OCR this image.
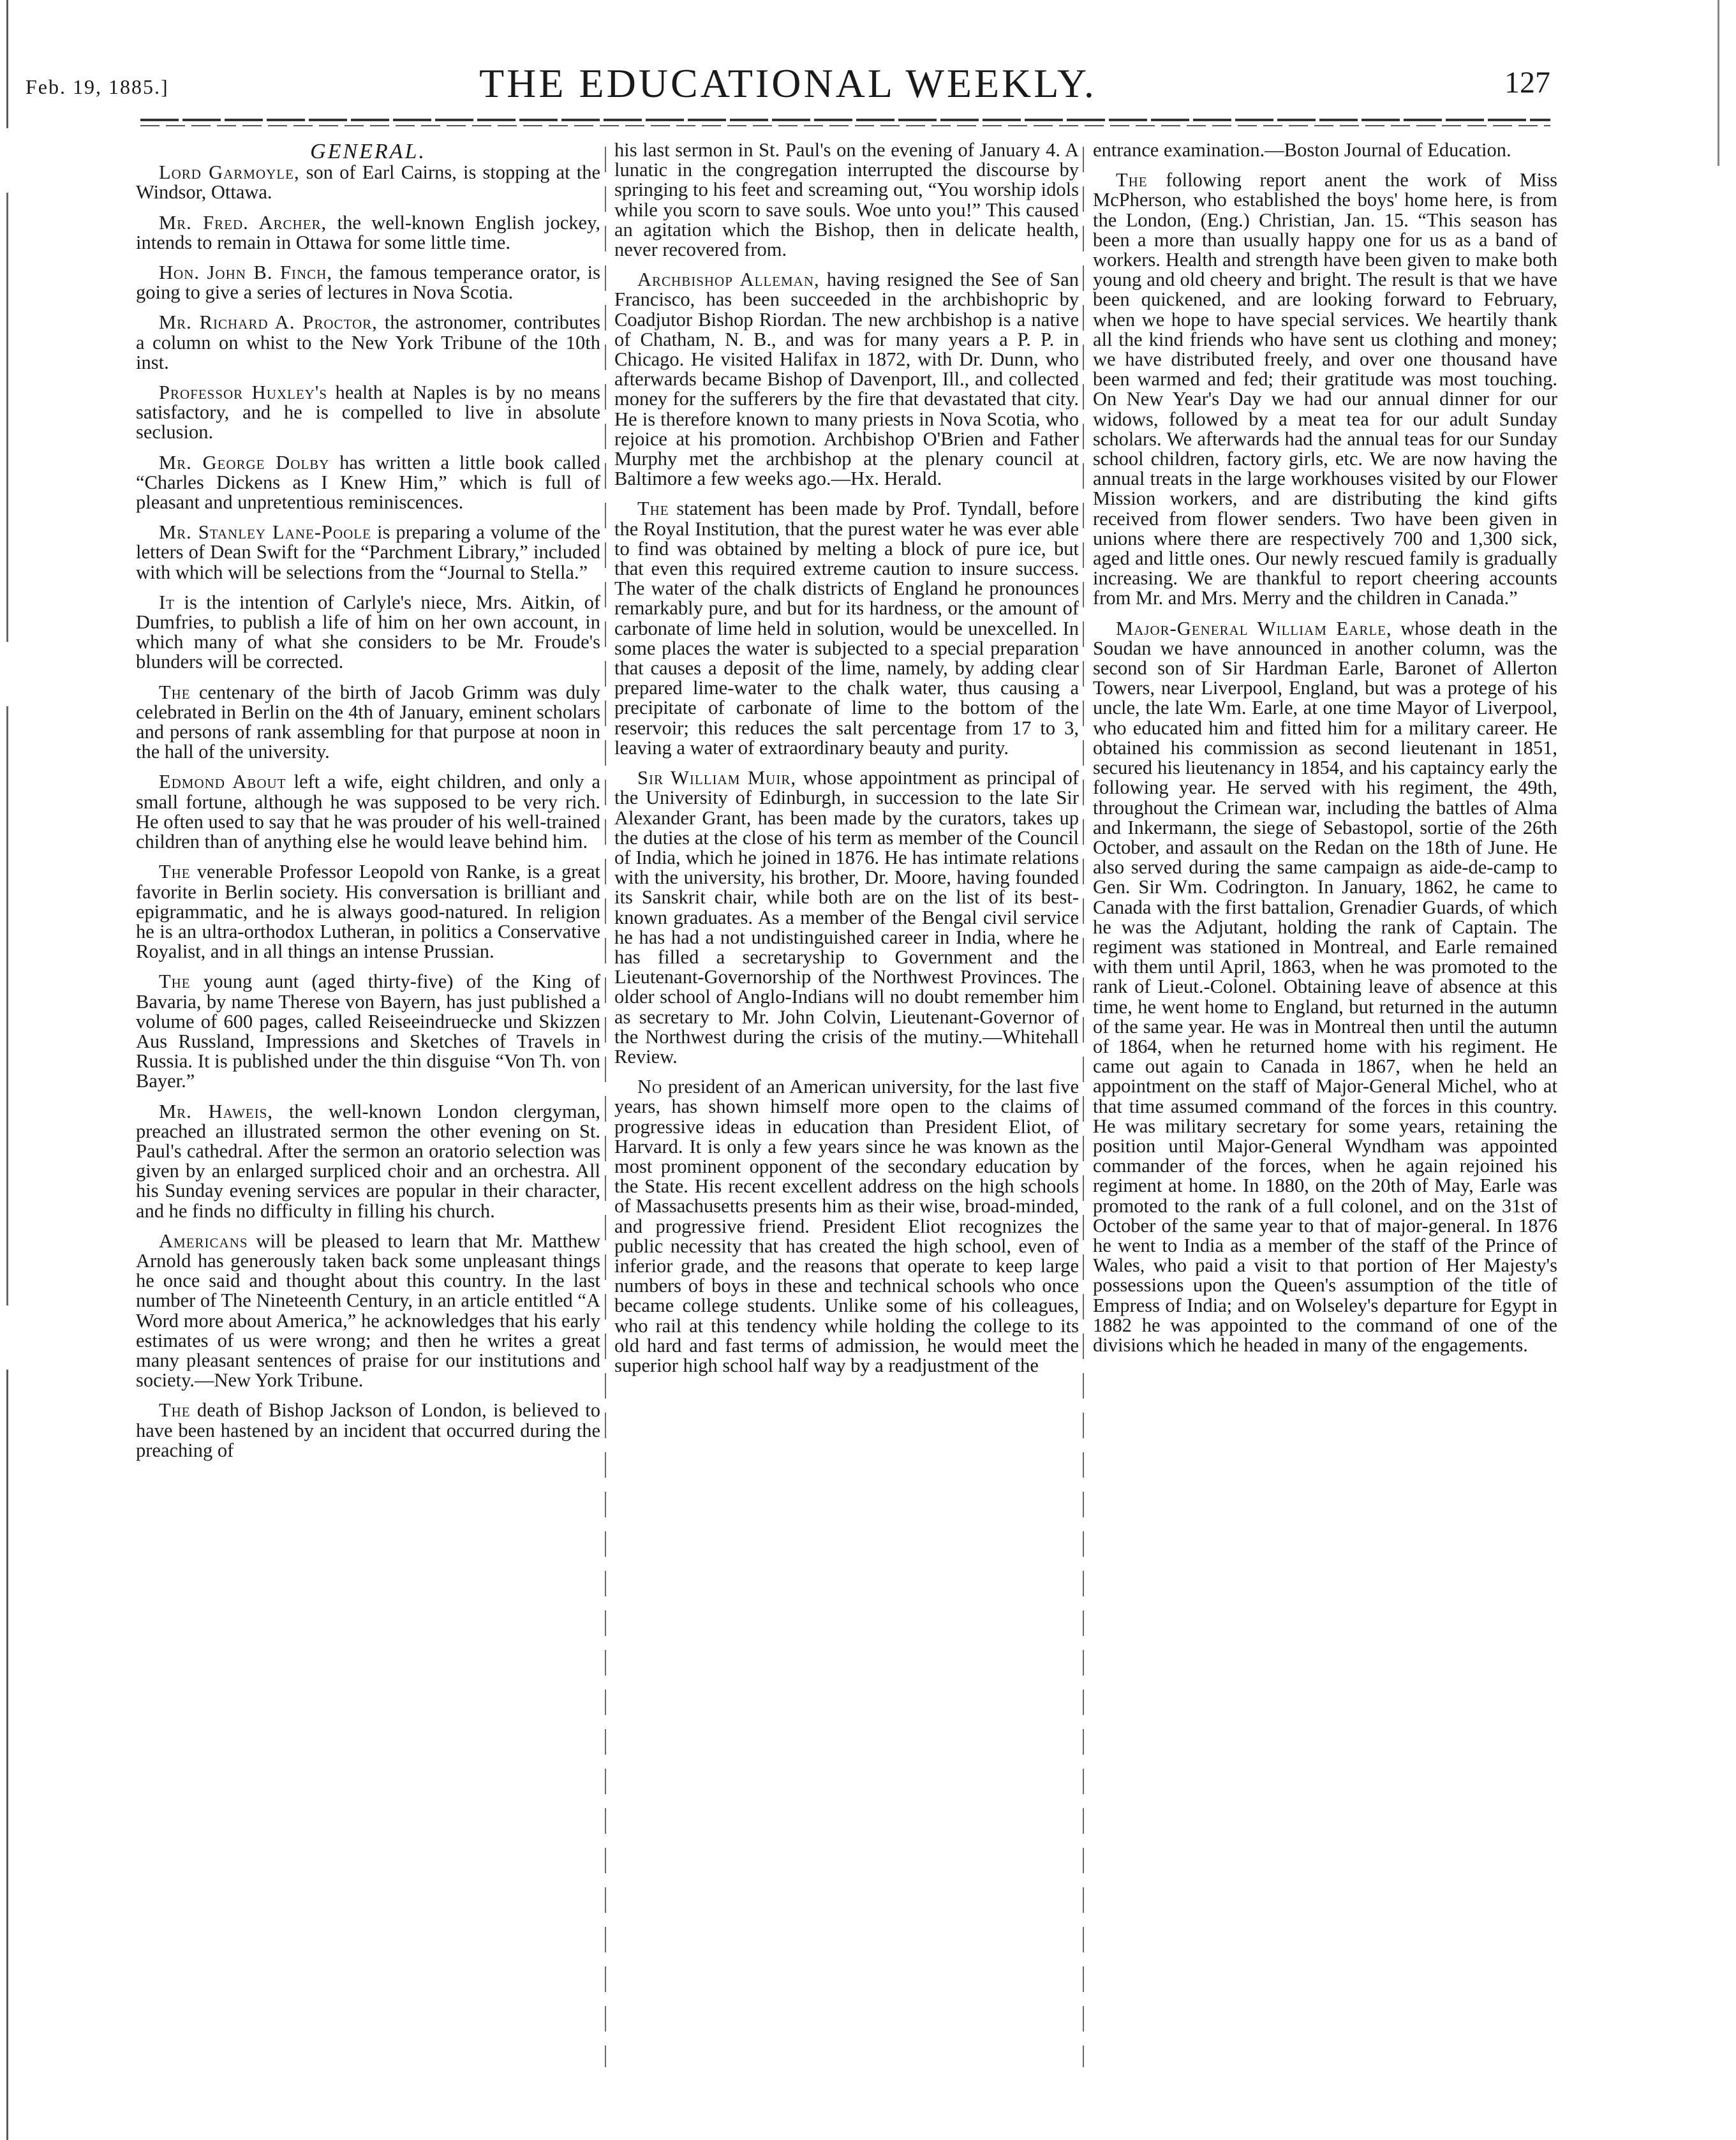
Feb. 19, 1885.]	THE EDUCATIONAL WEEKLY.	127
GENERAL.

Lord Garmoyle, son of Earl Cairns, is stopping at the Windsor, Ottawa.

Mr. Fred. Archer, the well-known English jockey, intends to remain in Ottawa for some little time.

Hon. John B. Finch, the famous temperance orator, is going to give a series of lectures in Nova Scotia.

Mr. Richard A. Proctor, the astronomer, contributes a column on whist to the New York Tribune of the 10th inst.

Professor Huxley's health at Naples is by no means satisfactory, and he is compelled to live in absolute seclusion.

Mr. George Dolby has written a little book called “Charles Dickens as I Knew Him,” which is full of pleasant and unpretentious reminiscences.

Mr. Stanley Lane-Poole is preparing a volume of the letters of Dean Swift for the “Parchment Library,” included with which will be selections from the “Journal to Stella.”

It is the intention of Carlyle's niece, Mrs. Aitkin, of Dumfries, to publish a life of him on her own account, in which many of what she considers to be Mr. Froude's blunders will be corrected.

The centenary of the birth of Jacob Grimm was duly celebrated in Berlin on the 4th of January, eminent scholars and persons of rank assembling for that purpose at noon in the hall of the university.

Edmond About left a wife, eight children, and only a small fortune, although he was supposed to be very rich. He often used to say that he was prouder of his well-trained children than of anything else he would leave behind him.

The venerable Professor Leopold von Ranke, is a great favorite in Berlin society. His conversation is brilliant and epigrammatic, and he is always good-natured. In religion he is an ultra-orthodox Lutheran, in politics a Conservative Royalist, and in all things an intense Prussian.

The young aunt (aged thirty-five) of the King of Bavaria, by name Therese von Bayern, has just published a volume of 600 pages, called Reiseeindruecke und Skizzen Aus Russland, Impressions and Sketches of Travels in Russia. It is published under the thin disguise “Von Th. von Bayer.”

Mr. Haweis, the well-known London clergyman, preached an illustrated sermon the other evening on St. Paul's cathedral. After the sermon an oratorio selection was given by an enlarged surpliced choir and an orchestra. All his Sunday evening services are popular in their character, and he finds no difficulty in filling his church.

Americans will be pleased to learn that Mr. Matthew Arnold has generously taken back some unpleasant things he once said and thought about this country. In the last number of The Nineteenth Century, in an article entitled “A Word more about America,” he acknowledges that his early estimates of us were wrong; and then he writes a great many pleasant sentences of praise for our institutions and society.—New York Tribune.

The death of Bishop Jackson of London, is believed to have been hastened by an incident that occurred during the preaching of

his last sermon in St. Paul's on the evening of January 4. A lunatic in the congregation interrupted the discourse by springing to his feet and screaming out, “You worship idols while you scorn to save souls. Woe unto you!” This caused an agitation which the Bishop, then in delicate health, never recovered from.

Archbishop Alleman, having resigned the See of San Francisco, has been succeeded in the archbishopric by Coadjutor Bishop Riordan. The new archbishop is a native of Chatham, N. B., and was for many years a P. P. in Chicago. He visited Halifax in 1872, with Dr. Dunn, who afterwards became Bishop of Davenport, Ill., and collected money for the sufferers by the fire that devastated that city. He is therefore known to many priests in Nova Scotia, who rejoice at his promotion. Archbishop O'Brien and Father Murphy met the archbishop at the plenary council at Baltimore a few weeks ago.—Hx. Herald.

The statement has been made by Prof. Tyndall, before the Royal Institution, that the purest water he was ever able to find was obtained by melting a block of pure ice, but that even this required extreme caution to insure success. The water of the chalk districts of England he pronounces remarkably pure, and but for its hardness, or the amount of carbonate of lime held in solution, would be unexcelled. In some places the water is subjected to a special preparation that causes a deposit of the lime, namely, by adding clear prepared lime-water to the chalk water, thus causing a precipitate of carbonate of lime to the bottom of the reservoir; this reduces the salt percentage from 17 to 3, leaving a water of extraordinary beauty and purity.

Sir William Muir, whose appointment as principal of the University of Edinburgh, in succession to the late Sir Alexander Grant, has been made by the curators, takes up the duties at the close of his term as member of the Council of India, which he joined in 1876. He has intimate relations with the university, his brother, Dr. Moore, having founded its Sanskrit chair, while both are on the list of its best-known graduates. As a member of the Bengal civil service he has had a not undistinguished career in India, where he has filled a secretaryship to Government and the Lieutenant-Governorship of the Northwest Provinces. The older school of Anglo-Indians will no doubt remember him as secretary to Mr. John Colvin, Lieutenant-Governor of the Northwest during the crisis of the mutiny.—Whitehall Review.

No president of an American university, for the last five years, has shown himself more open to the claims of progressive ideas in education than President Eliot, of Harvard. It is only a few years since he was known as the most prominent opponent of the secondary education by the State. His recent excellent address on the high schools of Massachusetts presents him as their wise, broad-minded, and progressive friend. President Eliot recognizes the public necessity that has created the high school, even of inferior grade, and the reasons that operate to keep large numbers of boys in these and technical schools who once became college students. Unlike some of his colleagues, who rail at this tendency while holding the college to its old hard and fast terms of admission, he would meet the superior high school half way by a readjustment of the

entrance examination.—Boston Journal of Education.

The following report anent the work of Miss McPherson, who established the boys' home here, is from the London, (Eng.) Christian, Jan. 15. “This season has been a more than usually happy one for us as a band of workers. Health and strength have been given to make both young and old cheery and bright. The result is that we have been quickened, and are looking forward to February, when we hope to have special services. We heartily thank all the kind friends who have sent us clothing and money; we have distributed freely, and over one thousand have been warmed and fed; their gratitude was most touching. On New Year's Day we had our annual dinner for our widows, followed by a meat tea for our adult Sunday scholars. We afterwards had the annual teas for our Sunday school children, factory girls, etc. We are now having the annual treats in the large workhouses visited by our Flower Mission workers, and are distributing the kind gifts received from flower senders. Two have been given in unions where there are respectively 700 and 1,300 sick, aged and little ones. Our newly rescued family is gradually increasing. We are thankful to report cheering accounts from Mr. and Mrs. Merry and the children in Canada.”

Major-General William Earle, whose death in the Soudan we have announced in another column, was the second son of Sir Hardman Earle, Baronet of Allerton Towers, near Liverpool, England, but was a protege of his uncle, the late Wm. Earle, at one time Mayor of Liverpool, who educated him and fitted him for a military career. He obtained his commission as second lieutenant in 1851, secured his lieutenancy in 1854, and his captaincy early the following year. He served with his regiment, the 49th, throughout the Crimean war, including the battles of Alma and Inkermann, the siege of Sebastopol, sortie of the 26th October, and assault on the Redan on the 18th of June. He also served during the same campaign as aide-de-camp to Gen. Sir Wm. Codrington. In January, 1862, he came to Canada with the first battalion, Grenadier Guards, of which he was the Adjutant, holding the rank of Captain. The regiment was stationed in Montreal, and Earle remained with them until April, 1863, when he was promoted to the rank of Lieut.-Colonel. Obtaining leave of absence at this time, he went home to England, but returned in the autumn of the same year. He was in Montreal then until the autumn of 1864, when he returned home with his regiment. He came out again to Canada in 1867, when he held an appointment on the staff of Major-General Michel, who at that time assumed command of the forces in this country. He was military secretary for some years, retaining the position until Major-General Wyndham was appointed commander of the forces, when he again rejoined his regiment at home. In 1880, on the 20th of May, Earle was promoted to the rank of a full colonel, and on the 31st of October of the same year to that of major-general. In 1876 he went to India as a member of the staff of the Prince of Wales, who paid a visit to that portion of Her Majesty's possessions upon the Queen's assumption of the title of Empress of India; and on Wolseley's departure for Egypt in 1882 he was appointed to the command of one of the divisions which he headed in many of the engagements.
